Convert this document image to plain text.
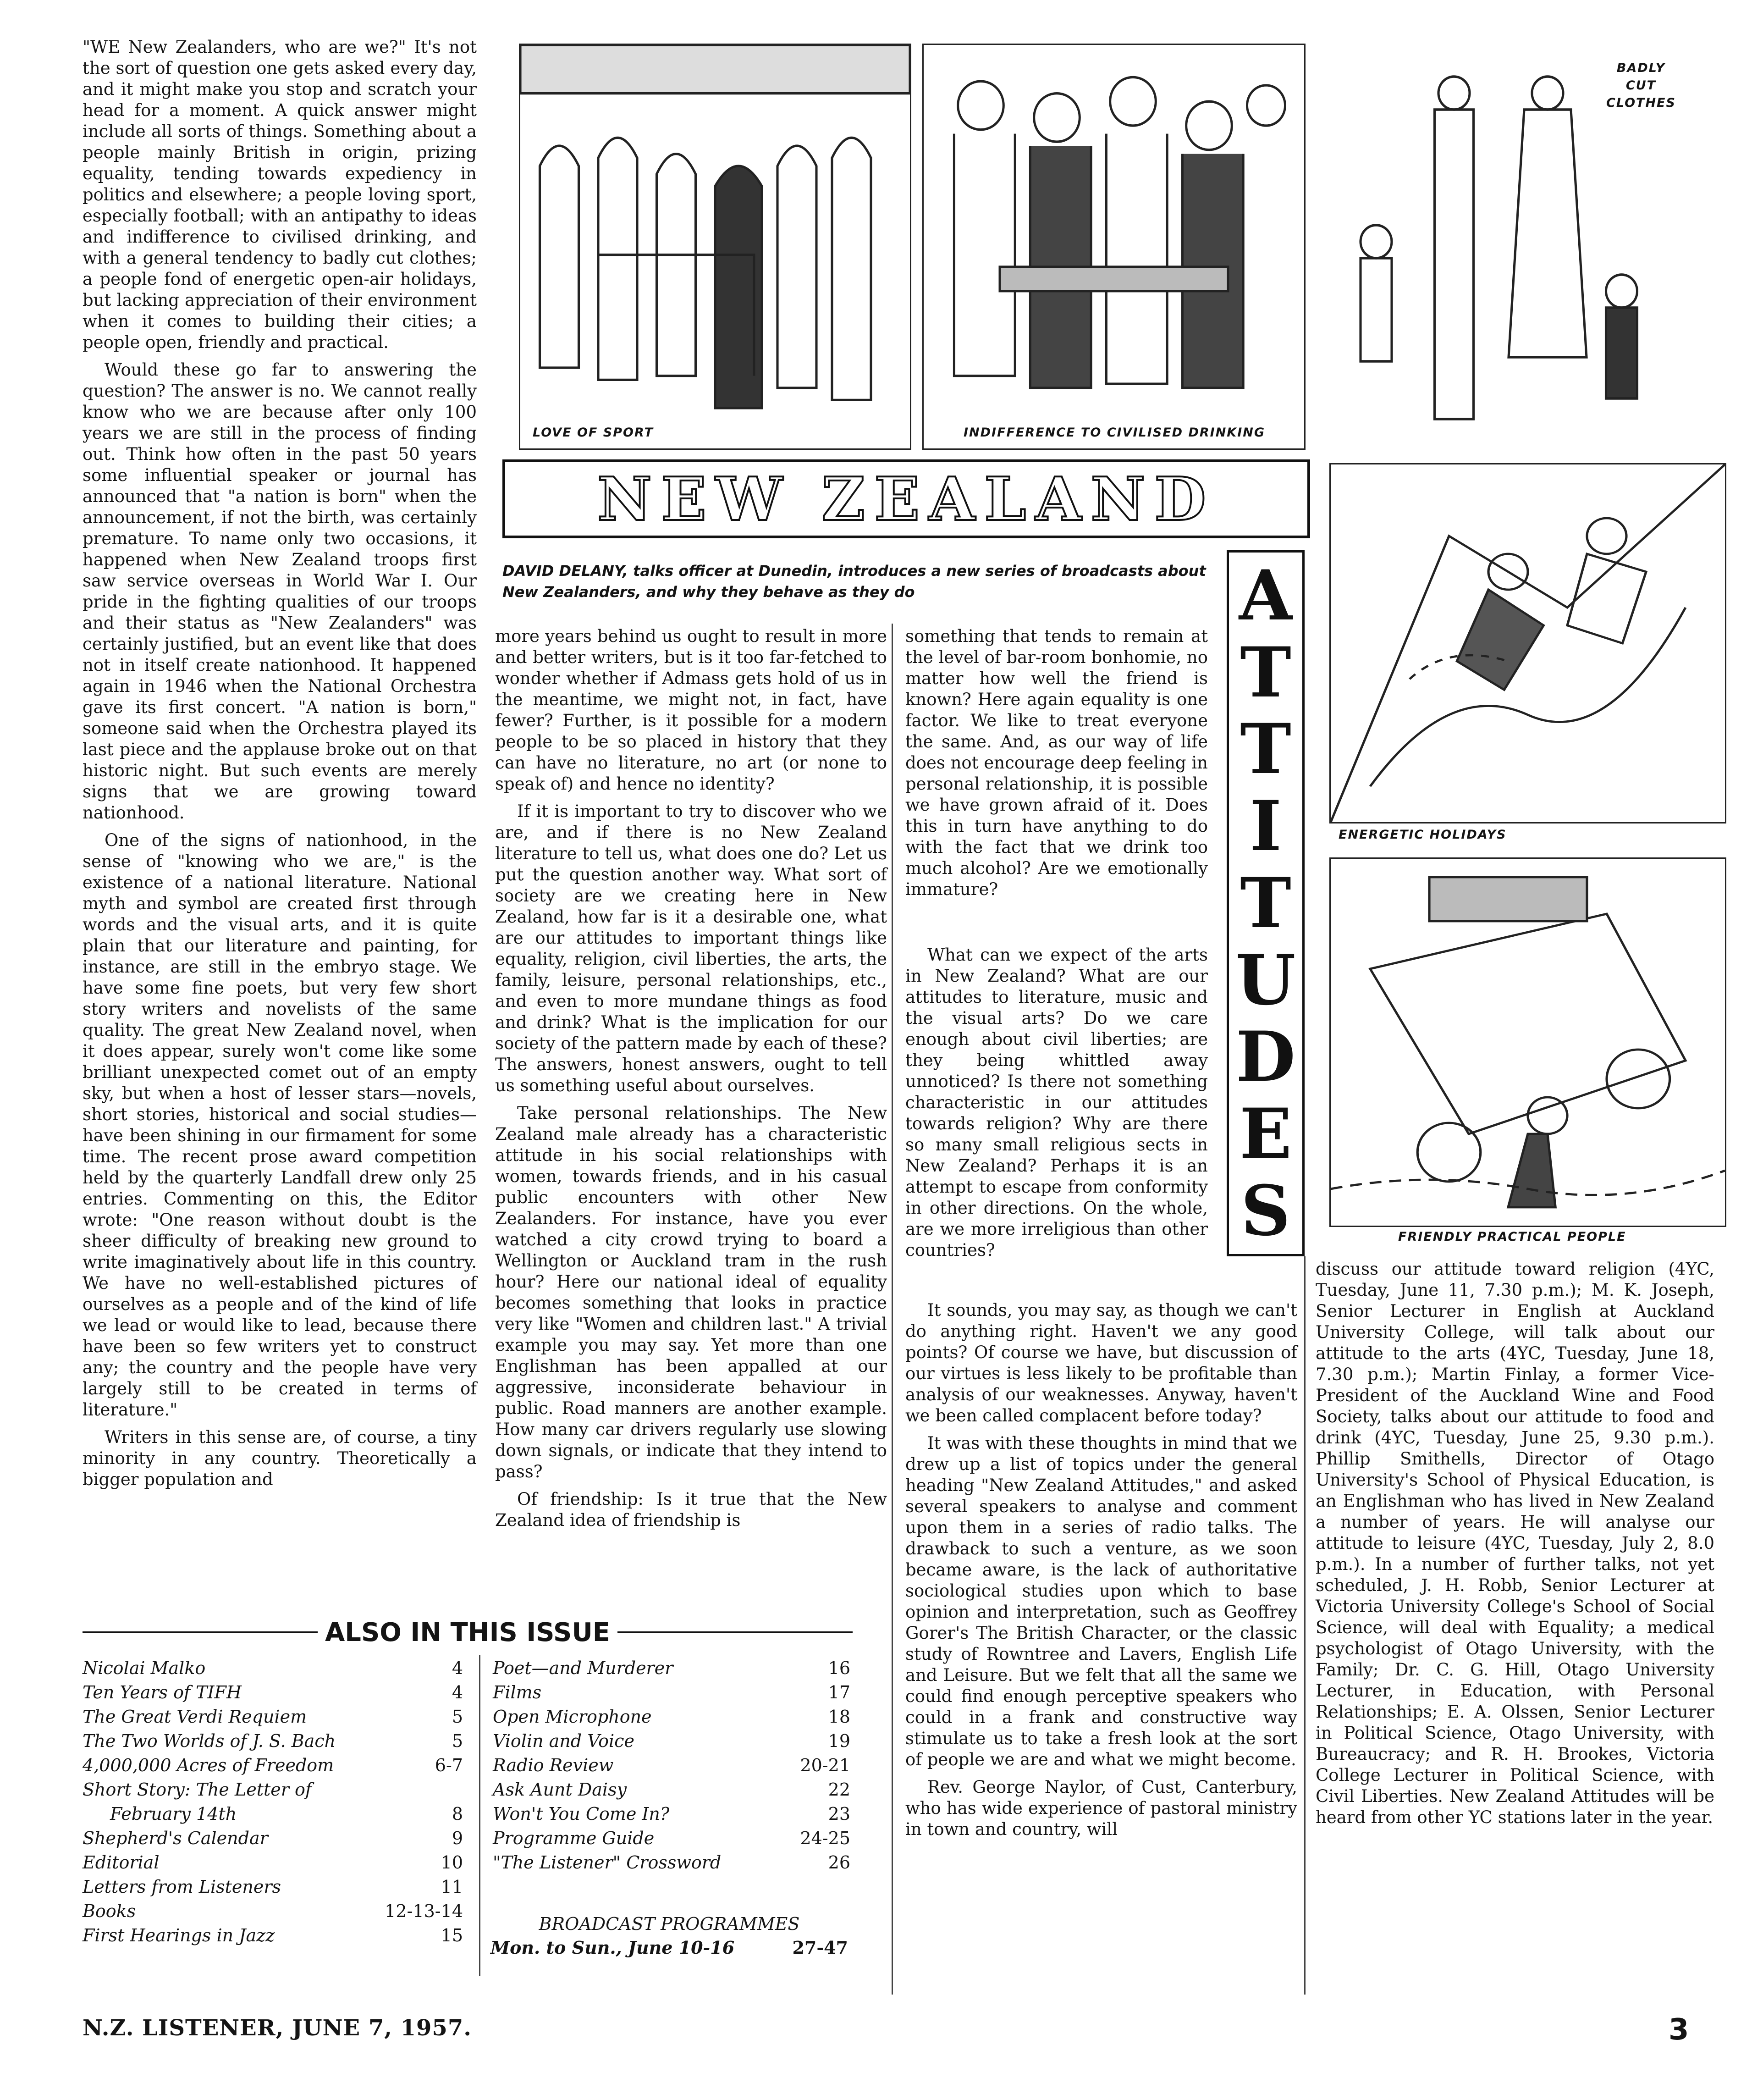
"WE New Zealanders, who are we?" It's not the sort of question one gets asked every day, and it might make you stop and scratch your head for a moment. A quick answer might include all sorts of things. Something about a people mainly British in origin, prizing equality, tending towards expediency in politics and elsewhere; a people loving sport, especially football; with an antipathy to ideas and indifference to civilised drinking, and with a general tendency to badly cut clothes; a people fond of energetic open-air holidays, but lacking appreciation of their environment when it comes to building their cities; a people open, friendly and practical.

Would these go far to answering the question? The answer is no. We cannot really know who we are because after only 100 years we are still in the process of finding out. Think how often in the past 50 years some influential speaker or journal has announced that "a nation is born" when the announcement, if not the birth, was certainly premature. To name only two occasions, it happened when New Zealand troops first saw service overseas in World War I. Our pride in the fighting qualities of our troops and their status as "New Zealanders" was certainly justified, but an event like that does not in itself create nationhood. It happened again in 1946 when the National Orchestra gave its first concert. "A nation is born," someone said when the Orchestra played its last piece and the applause broke out on that historic night. But such events are merely signs that we are growing toward nationhood.

One of the signs of nationhood, in the sense of "knowing who we are," is the existence of a national literature. National myth and symbol are created first through words and the visual arts, and it is quite plain that our literature and painting, for instance, are still in the embryo stage. We have some fine poets, but very few short story writers and novelists of the same quality. The great New Zealand novel, when it does appear, surely won't come like some brilliant unexpected comet out of an empty sky, but when a host of lesser stars—novels, short stories, historical and social studies—have been shining in our firmament for some time. The recent prose award competition held by the quarterly Landfall drew only 25 entries. Commenting on this, the Editor wrote: "One reason without doubt is the sheer difficulty of breaking new ground to write imaginatively about life in this country. We have no well-established pictures of ourselves as a people and of the kind of life we lead or would like to lead, because there have been so few writers yet to construct any; the country and the people have very largely still to be created in terms of literature."

Writers in this sense are, of course, a tiny minority in any country. Theoretically a bigger population and

LOVE OF SPORT	INDIFFERENCE TO CIVILISED DRINKING
BADLY CUT CLOTHES
NEW ZEALAND
DAVID DELANY, talks officer at Dunedin, introduces a new series of broadcasts about New Zealanders, and why they behave as they do	A
T
T
I
T
U
D
E
S
ENERGETIC HOLIDAYS
FRIENDLY PRACTICAL PEOPLE

more years behind us ought to result in more and better writers, but is it too far-fetched to wonder whether if Admass gets hold of us in the meantime, we might not, in fact, have fewer? Further, is it possible for a modern people to be so placed in history that they can have no literature, no art (or none to speak of) and hence no identity?

If it is important to try to discover who we are, and if there is no New Zealand literature to tell us, what does one do? Let us put the question another way. What sort of society are we creating here in New Zealand, how far is it a desirable one, what are our attitudes to important things like equality, religion, civil liberties, the arts, the family, leisure, personal relationships, etc., and even to more mundane things as food and drink? What is the implication for our society of the pattern made by each of these? The answers, honest answers, ought to tell us something useful about ourselves.

Take personal relationships. The New Zealand male already has a characteristic attitude in his social relationships with women, towards friends, and in his casual public encounters with other New Zealanders. For instance, have you ever watched a city crowd trying to board a Wellington or Auckland tram in the rush hour? Here our national ideal of equality becomes something that looks in practice very like "Women and children last." A trivial example you may say. Yet more than one Englishman has been appalled at our aggressive, inconsiderate behaviour in public. Road manners are another example. How many car drivers regularly use slowing down signals, or indicate that they intend to pass?

Of friendship: Is it true that the New Zealand idea of friendship is

something that tends to remain at the level of bar-room bonhomie, no matter how well the friend is known? Here again equality is one factor. We like to treat everyone the same. And, as our way of life does not encourage deep feeling in personal relationship, it is possible we have grown afraid of it. Does this in turn have anything to do with the fact that we drink too much alcohol? Are we emotionally immature?

What can we expect of the arts in New Zealand? What are our attitudes to literature, music and the visual arts? Do we care enough about civil liberties; are they being whittled away unnoticed? Is there not something characteristic in our attitudes towards religion? Why are there so many small religious sects in New Zealand? Perhaps it is an attempt to escape from conformity in other directions. On the whole, are we more irreligious than other countries?

It sounds, you may say, as though we can't do anything right. Haven't we any good points? Of course we have, but discussion of our virtues is less likely to be profitable than analysis of our weaknesses. Anyway, haven't we been called complacent before today?

It was with these thoughts in mind that we drew up a list of topics under the general heading "New Zealand Attitudes," and asked several speakers to analyse and comment upon them in a series of radio talks. The drawback to such a venture, as we soon became aware, is the lack of authoritative sociological studies upon which to base opinion and interpretation, such as Geoffrey Gorer's The British Character, or the classic study of Rowntree and Lavers, English Life and Leisure. But we felt that all the same we could find enough perceptive speakers who could in a frank and constructive way stimulate us to take a fresh look at the sort of people we are and what we might become.

Rev. George Naylor, of Cust, Canterbury, who has wide experience of pastoral ministry in town and country, will

discuss our attitude toward religion (4YC, Tuesday, June 11, 7.30 p.m.); M. K. Joseph, Senior Lecturer in English at Auckland University College, will talk about our attitude to the arts (4YC, Tuesday, June 18, 7.30 p.m.); Martin Finlay, a former Vice-President of the Auckland Wine and Food Society, talks about our attitude to food and drink (4YC, Tuesday, June 25, 9.30 p.m.). Phillip Smithells, Director of Otago University's School of Physical Education, is an Englishman who has lived in New Zealand a number of years. He will analyse our attitude to leisure (4YC, Tuesday, July 2, 8.0 p.m.). In a number of further talks, not yet scheduled, J. H. Robb, Senior Lecturer at Victoria University College's School of Social Science, will deal with Equality; a medical psychologist of Otago University, with the Family; Dr. C. G. Hill, Otago University Lecturer, in Education, with Personal Relationships; E. A. Olssen, Senior Lecturer in Political Science, Otago University, with Bureaucracy; and R. H. Brookes, Victoria College Lecturer in Political Science, with Civil Liberties. New Zealand Attitudes will be heard from other YC stations later in the year.

ALSO IN THIS ISSUE
Nicolai Malko	4
Ten Years of TIFH	4
The Great Verdi Requiem	5
The Two Worlds of J. S. Bach	5
4,000,000 Acres of Freedom	6-7
Short Story: The Letter of
February 14th	8
Shepherd's Calendar	9
Editorial	10
Letters from Listeners	11
Books	12-13-14
First Hearings in Jazz	15
Poet—and Murderer	16
Films	17
Open Microphone	18
Violin and Voice	19
Radio Review	20-21
Ask Aunt Daisy	22
Won't You Come In?	23
Programme Guide	24-25
"The Listener" Crossword	26
BROADCAST PROGRAMMES
Mon. to Sun., June 10-16	27-47
N.Z. LISTENER, JUNE 7, 1957.	3
